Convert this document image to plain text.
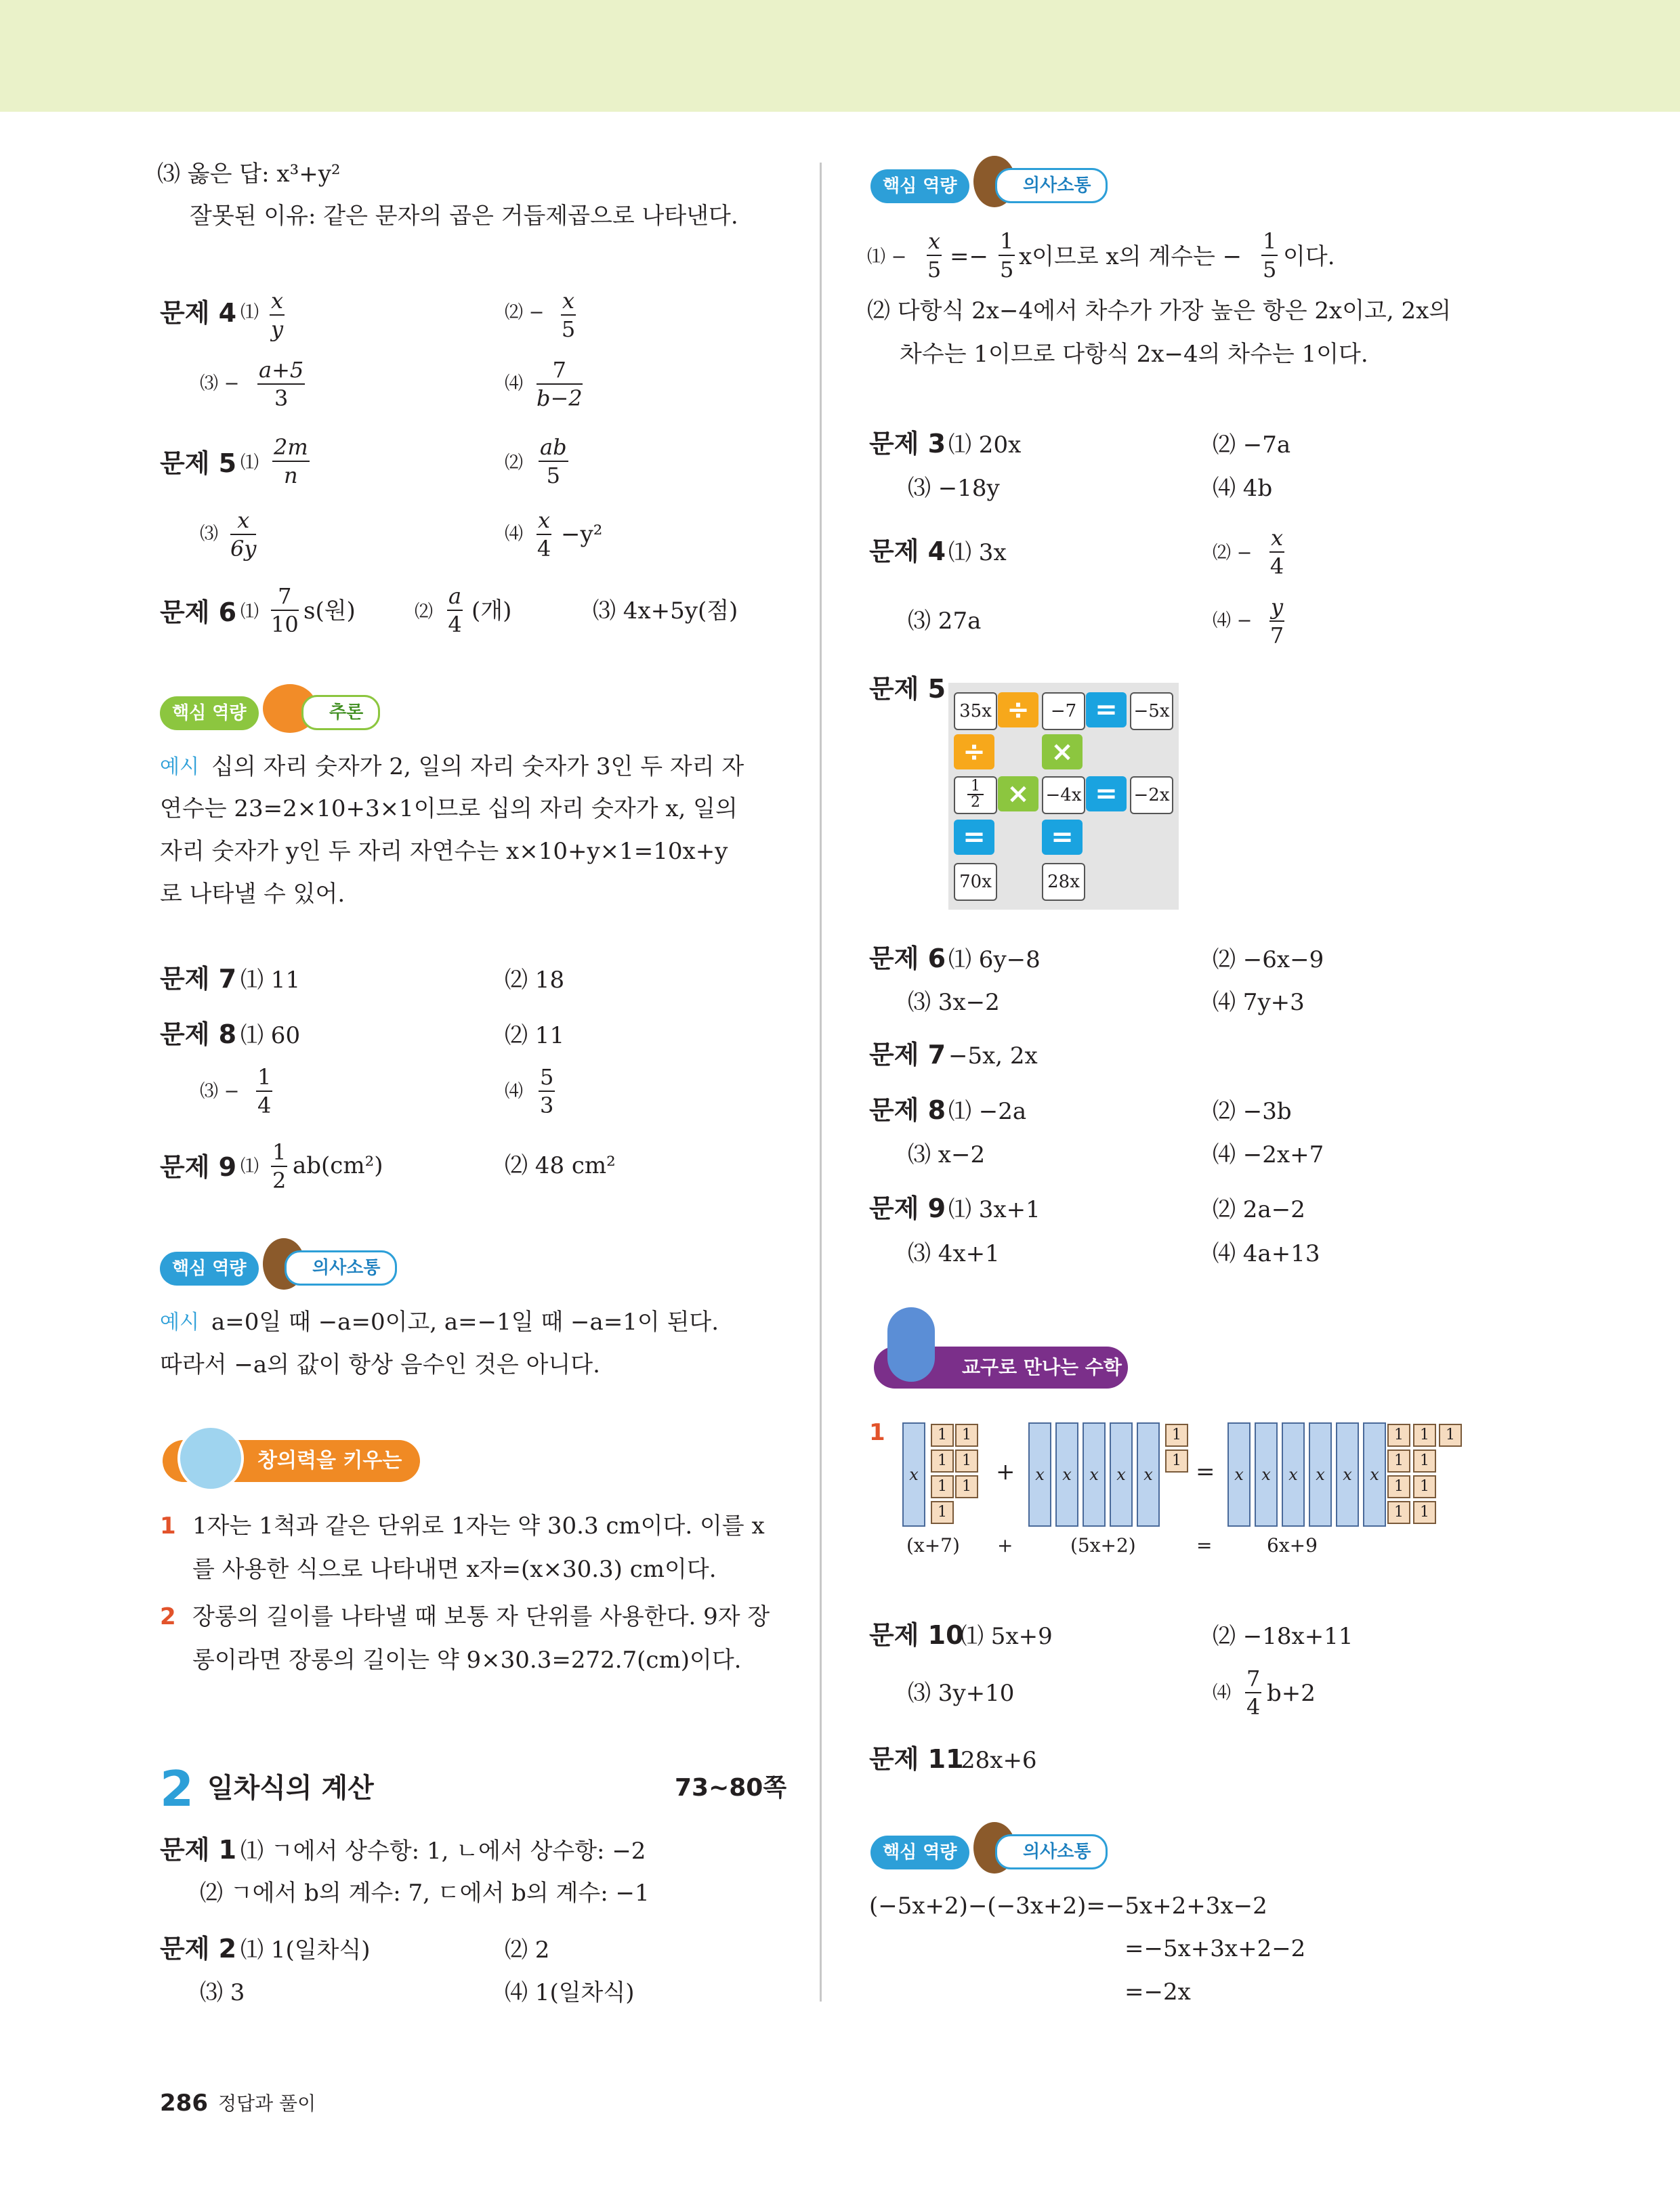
⑶ 옳은 답: x³+y²
잘못된 이유: 같은 문자의 곱은 거듭제곱으로 나타낸다.
문제 4 ⑴ $\frac{x}{y}$	⑵ − $\frac{x}{5}$
⑶ − $\frac{a+5}{3}$	⑷ $\frac{7}{b-2}$
문제 5 ⑴ $\frac{2m}{n}$	⑵ $\frac{ab}{5}$
⑶ $\frac{x}{6y}$	⑷ $\frac{x}{4} -y^2$
문제 6 ⑴ $\frac{7}{10} s$(원)	⑵ $\frac{a}{4}$ (개)	⑶ 4x+5y(점)
핵심 역량	추론
예시 십의 자리 숫자가 2, 일의 자리 숫자가 3인 두 자리 자
연수는 23=2×10+3×1이므로 십의 자리 숫자가 x, 일의
자리 숫자가 y인 두 자리 자연수는 x×10+y×1=10x+y
로 나타낼 수 있어.
문제 7 ⑴ 11	⑵ 18
문제 8 ⑴ 60	⑵ 11
⑶ − $\frac{1}{4}$	⑷ $\frac{5}{3}$
문제 9 ⑴ $\frac{1}{2} ab(cm^2)$	⑵ 48 cm²
핵심 역량	의사소통
예시 a=0일 때 −a=0이고, a=−1일 때 −a=1이 된다.
따라서 −a의 값이 항상 음수인 것은 아니다.
창의력을 키우는 활동
1 1자는 1척과 같은 단위로 1자는 약 30.3 cm이다. 이를 x
를 사용한 식으로 나타내면 x자=(x×30.3) cm이다.
2 장롱의 길이를 나타낼 때 보통 자 단위를 사용한다. 9자 장
롱이라면 장롱의 길이는 약 9×30.3=272.7(cm)이다.
2 일차식의 계산	73~80쪽
문제 1 ⑴ ㄱ에서 상수항: 1, ㄴ에서 상수항: −2
⑵ ㄱ에서 b의 계수: 7, ㄷ에서 b의 계수: −1
문제 2 ⑴ 1(일차식)	⑵ 2
⑶ 3	⑷ 1(일차식)
핵심 역량	의사소통
⑴ − $\frac{x}{5} =- \frac{1}{5}$ x이므로 x의 계수는 − $\frac{1}{5}$ 이다.
⑵ 다항식 2x−4에서 차수가 가장 높은 항은 2x이고, 2x의
차수는 1이므로 다항식 2x−4의 차수는 1이다.
문제 3 ⑴ 20x	⑵ −7a
⑶ −18y	⑷ 4b
문제 4 ⑴ 3x	⑵ − $\frac{x}{4}$
⑶ 27a	⑷ − $\frac{y}{7}$
문제 5
35x ÷	−7 = −5x
÷	×
1
2 × −4x = −2x
=	=
70x	28x
문제 6 ⑴ 6y−8	⑵ −6x−9
⑶ 3x−2	⑷ 7y+3
문제 7 −5x, 2x
문제 8 ⑴ −2a	⑵ −3b
⑶ x−2	⑷ −2x+7
문제 9 ⑴ 3x+1	⑵ 2a−2
⑶ 4x+1	⑷ 4a+13
교구로 만나는 수학
1
x
1	1
1	1
1	1
1
x	x	x	x	x
1
1
x	x	x	x	x	x
1	1	1
1	1
1	1
1	1
+	=
(x+7) +	(5x+2)	=	6x+9
문제 10
⑴ 5x+9	⑵ −18x+11
⑶ 3y+10	⑷ $\frac{7}{4} b+2$
문제 11
28x+6
핵심 역량	의사소통
(−5x+2)−(−3x+2)=−5x+2+3x−2
=−5x+3x+2−2
=−2x
286 정답과 풀이
